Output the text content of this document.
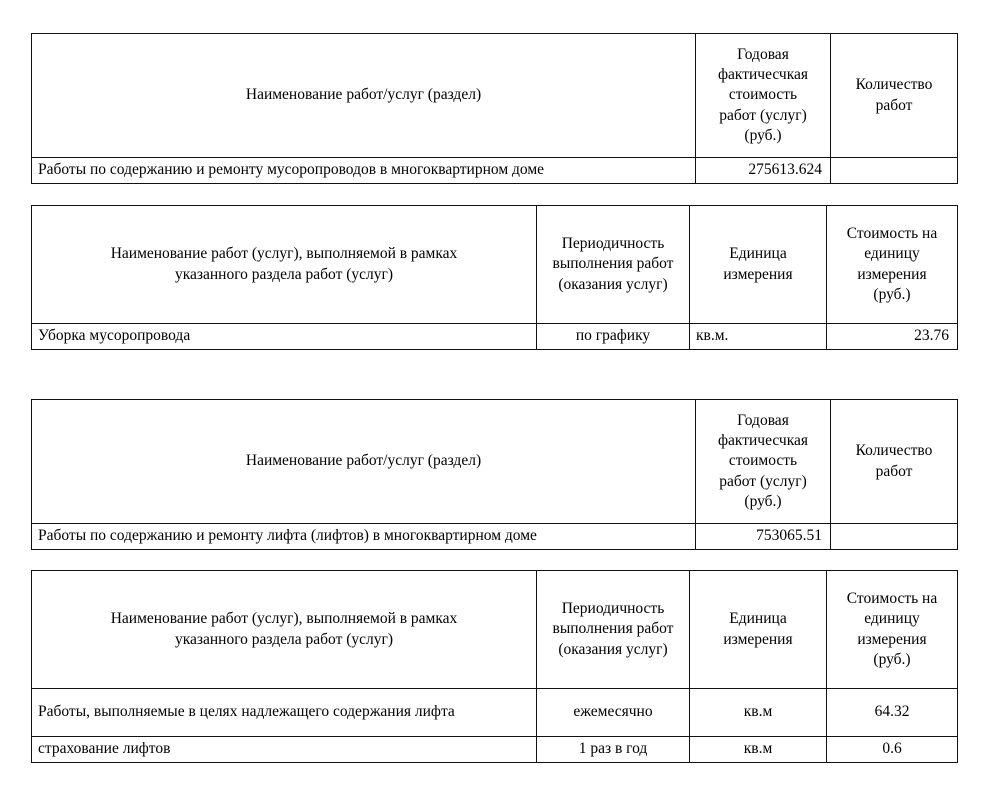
Наименование работ/услуг (раздел)	Годовая
фактичесчкая
стоимость
работ (услуг)
(руб.)	Количество
работ
Работы по содержанию и ремонту мусоропроводов в многоквартирном доме	275613.624	
Наименование работ (услуг), выполняемой в рамках
указанного раздела работ (услуг)	Периодичность
выполнения работ
(оказания услуг)	Единица
измерения	Стоимость на
единицу
измерения
(руб.)
Уборка мусоропровода	по графику	кв.м.	23.76
Наименование работ/услуг (раздел)	Годовая
фактичесчкая
стоимость
работ (услуг)
(руб.)	Количество
работ
Работы по содержанию и ремонту лифта (лифтов) в многоквартирном доме	753065.51	
Наименование работ (услуг), выполняемой в рамках
указанного раздела работ (услуг)	Периодичность
выполнения работ
(оказания услуг)	Единица
измерения	Стоимость на
единицу
измерения
(руб.)
Работы, выполняемые в целях надлежащего содержания лифта	ежемесячно	кв.м	64.32
страхование лифтов	1 раз в год	кв.м	0.6
